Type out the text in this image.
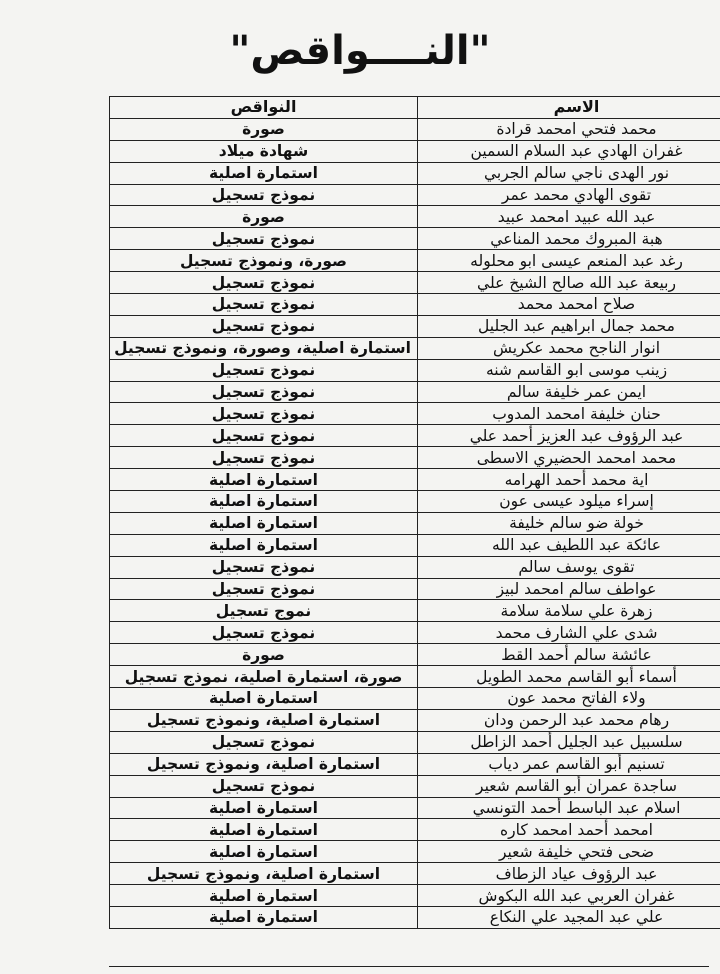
"النــــواقص"
الاسم	النواقص
محمد فتحي امحمد قرادة	صورة
غفران الهادي عبد السلام السمين	شهادة ميلاد
نور الهدى ناجي سالم الجربي	استمارة اصلية
تقوى الهادي محمد عمر	نموذج تسجيل
عبد الله عبيد امحمد عبيد	صورة
هبة المبروك محمد المناعي	نموذج تسجيل
رغد عبد المنعم عيسى ابو محلوله	صورة، ونموذج تسجيل
ربيعة عبد الله صالح الشيخ علي	نموذج تسجيل
صلاح امحمد محمد	نموذج تسجيل
محمد جمال ابراهيم عبد الجليل	نموذج تسجيل
انوار الناجح محمد عكريش	استمارة اصلية، وصورة، ونموذج تسجيل
زينب موسى ابو القاسم شنه	نموذج تسجيل
ايمن عمر خليفة سالم	نموذج تسجيل
حنان خليفة امحمد المدوب	نموذج تسجيل
عبد الرؤوف عبد العزيز أحمد علي	نموذج تسجيل
محمد امحمد الحضيري الاسطى	نموذج تسجيل
اية محمد أحمد الهرامه	استمارة اصلية
إسراء ميلود عيسى عون	استمارة اصلية
خولة ضو سالم خليفة	استمارة اصلية
عائكة عبد اللطيف عبد الله	استمارة اصلية
تقوى يوسف سالم	نموذج تسجيل
عواطف سالم امحمد لبيز	نموذج تسجيل
زهرة علي سلامة سلامة	نموج تسجيل
شدى علي الشارف محمد	نموذج تسجيل
عائشة سالم أحمد القط	صورة
أسماء أبو القاسم محمد الطويل	صورة، استمارة اصلية، نموذج تسجيل
ولاء الفاتح محمد عون	استمارة اصلية
رهام محمد عبد الرحمن ودان	استمارة اصلية، ونموذج تسجيل
سلسبيل عبد الجليل أحمد الزاطل	نموذج تسجيل
تسنيم أبو القاسم عمر دياب	استمارة اصلية، ونموذج تسجيل
ساجدة عمران أبو القاسم شعير	نموذج تسجيل
اسلام عبد الباسط أحمد التونسي	استمارة اصلية
امحمد أحمد امحمد كاره	استمارة اصلية
ضحى فتحي خليفة شعير	استمارة اصلية
عبد الرؤوف عياد الزطاف	استمارة اصلية، ونموذج تسجيل
غفران العربي عبد الله البكوش	استمارة اصلية
علي عبد المجيد علي النكاع	استمارة اصلية
